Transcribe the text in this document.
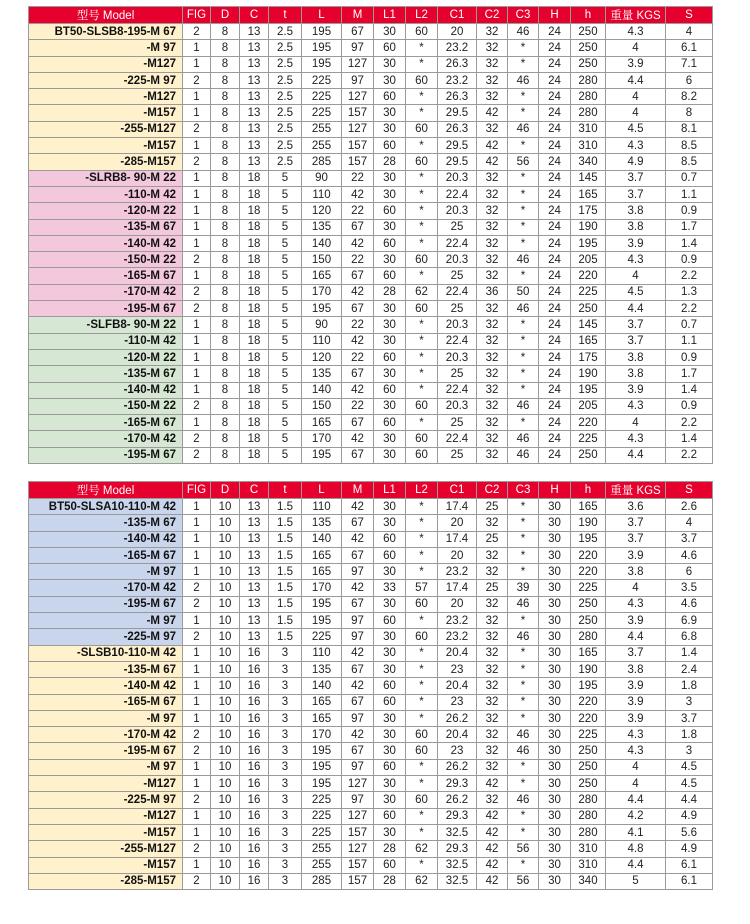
型号 Model	FIG	D	C	t	L	M	L1	L2	C1	C2	C3	H	h	重量 KGS	S
BT50-SLSB8-195-M 67	2	8	13	2.5	195	67	30	60	20	32	46	24	250	4.3	4
-M 97	1	8	13	2.5	195	97	60	*	23.2	32	*	24	250	4	6.1
-M127	1	8	13	2.5	195	127	30	*	26.3	32	*	24	250	3.9	7.1
-225-M 97	2	8	13	2.5	225	97	30	60	23.2	32	46	24	280	4.4	6
-M127	1	8	13	2.5	225	127	60	*	26.3	32	*	24	280	4	8.2
-M157	1	8	13	2.5	225	157	30	*	29.5	42	*	24	280	4	8
-255-M127	2	8	13	2.5	255	127	30	60	26.3	32	46	24	310	4.5	8.1
-M157	1	8	13	2.5	255	157	60	*	29.5	42	*	24	310	4.3	8.5
-285-M157	2	8	13	2.5	285	157	28	60	29.5	42	56	24	340	4.9	8.5
-SLRB8- 90-M 22	1	8	18	5	90	22	30	*	20.3	32	*	24	145	3.7	0.7
-110-M 42	1	8	18	5	110	42	30	*	22.4	32	*	24	165	3.7	1.1
-120-M 22	1	8	18	5	120	22	60	*	20.3	32	*	24	175	3.8	0.9
-135-M 67	1	8	18	5	135	67	30	*	25	32	*	24	190	3.8	1.7
-140-M 42	1	8	18	5	140	42	60	*	22.4	32	*	24	195	3.9	1.4
-150-M 22	2	8	18	5	150	22	30	60	20.3	32	46	24	205	4.3	0.9
-165-M 67	1	8	18	5	165	67	60	*	25	32	*	24	220	4	2.2
-170-M 42	2	8	18	5	170	42	28	62	22.4	36	50	24	225	4.5	1.3
-195-M 67	2	8	18	5	195	67	30	60	25	32	46	24	250	4.4	2.2
-SLFB8- 90-M 22	1	8	18	5	90	22	30	*	20.3	32	*	24	145	3.7	0.7
-110-M 42	1	8	18	5	110	42	30	*	22.4	32	*	24	165	3.7	1.1
-120-M 22	1	8	18	5	120	22	60	*	20.3	32	*	24	175	3.8	0.9
-135-M 67	1	8	18	5	135	67	30	*	25	32	*	24	190	3.8	1.7
-140-M 42	1	8	18	5	140	42	60	*	22.4	32	*	24	195	3.9	1.4
-150-M 22	2	8	18	5	150	22	30	60	20.3	32	46	24	205	4.3	0.9
-165-M 67	1	8	18	5	165	67	60	*	25	32	*	24	220	4	2.2
-170-M 42	2	8	18	5	170	42	30	60	22.4	32	46	24	225	4.3	1.4
-195-M 67	2	8	18	5	195	67	30	60	25	32	46	24	250	4.4	2.2
型号 Model	FIG	D	C	t	L	M	L1	L2	C1	C2	C3	H	h	重量 KGS	S
BT50-SLSA10-110-M 42	1	10	13	1.5	110	42	30	*	17.4	25	*	30	165	3.6	2.6
-135-M 67	1	10	13	1.5	135	67	30	*	20	32	*	30	190	3.7	4
-140-M 42	1	10	13	1.5	140	42	60	*	17.4	25	*	30	195	3.7	3.7
-165-M 67	1	10	13	1.5	165	67	60	*	20	32	*	30	220	3.9	4.6
-M 97	1	10	13	1.5	165	97	30	*	23.2	32	*	30	220	3.8	6
-170-M 42	2	10	13	1.5	170	42	33	57	17.4	25	39	30	225	4	3.5
-195-M 67	2	10	13	1.5	195	67	30	60	20	32	46	30	250	4.3	4.6
-M 97	1	10	13	1.5	195	97	60	*	23.2	32	*	30	250	3.9	6.9
-225-M 97	2	10	13	1.5	225	97	30	60	23.2	32	46	30	280	4.4	6.8
-SLSB10-110-M 42	1	10	16	3	110	42	30	*	20.4	32	*	30	165	3.7	1.4
-135-M 67	1	10	16	3	135	67	30	*	23	32	*	30	190	3.8	2.4
-140-M 42	1	10	16	3	140	42	60	*	20.4	32	*	30	195	3.9	1.8
-165-M 67	1	10	16	3	165	67	60	*	23	32	*	30	220	3.9	3
-M 97	1	10	16	3	165	97	30	*	26.2	32	*	30	220	3.9	3.7
-170-M 42	2	10	16	3	170	42	30	60	20.4	32	46	30	225	4.3	1.8
-195-M 67	2	10	16	3	195	67	30	60	23	32	46	30	250	4.3	3
-M 97	1	10	16	3	195	97	60	*	26.2	32	*	30	250	4	4.5
-M127	1	10	16	3	195	127	30	*	29.3	42	*	30	250	4	4.5
-225-M 97	2	10	16	3	225	97	30	60	26.2	32	46	30	280	4.4	4.4
-M127	1	10	16	3	225	127	60	*	29.3	42	*	30	280	4.2	4.9
-M157	1	10	16	3	225	157	30	*	32.5	42	*	30	280	4.1	5.6
-255-M127	2	10	16	3	255	127	28	62	29.3	42	56	30	310	4.8	4.9
-M157	1	10	16	3	255	157	60	*	32.5	42	*	30	310	4.4	6.1
-285-M157	2	10	16	3	285	157	28	62	32.5	42	56	30	340	5	6.1
